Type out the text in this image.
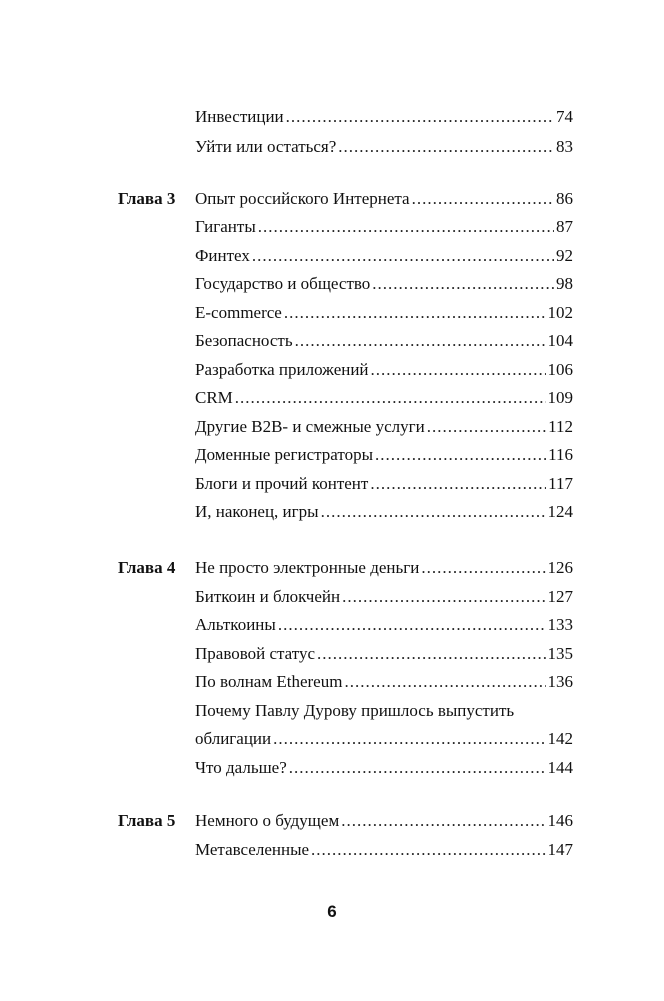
Инвестиции .....	74
Уйти или остаться? .....	83
Глава 3 Опыт российского Интернета .....	86
Гиганты .....	87
Финтех .....	92
Государство и общество .....	98
E-commerce .....	102
Безопасность .....	104
Разработка приложений .....	106
CRM .....	109
Другие B2B- и смежные услуги .....	112
Доменные регистраторы .....	116
Блоги и прочий контент .....	117
И, наконец, игры .....	124
Глава 4 Не просто электронные деньги .....	126
Биткоин и блокчейн .....	127
Альткоины .....	133
Правовой статус .....	135
По волнам Ethereum .....	136
Почему Павлу Дурову пришлось выпустить
облигации .....	142
Что дальше? .....	144
Глава 5 Немного о будущем .....	146
Метавселенные .....	147
6
